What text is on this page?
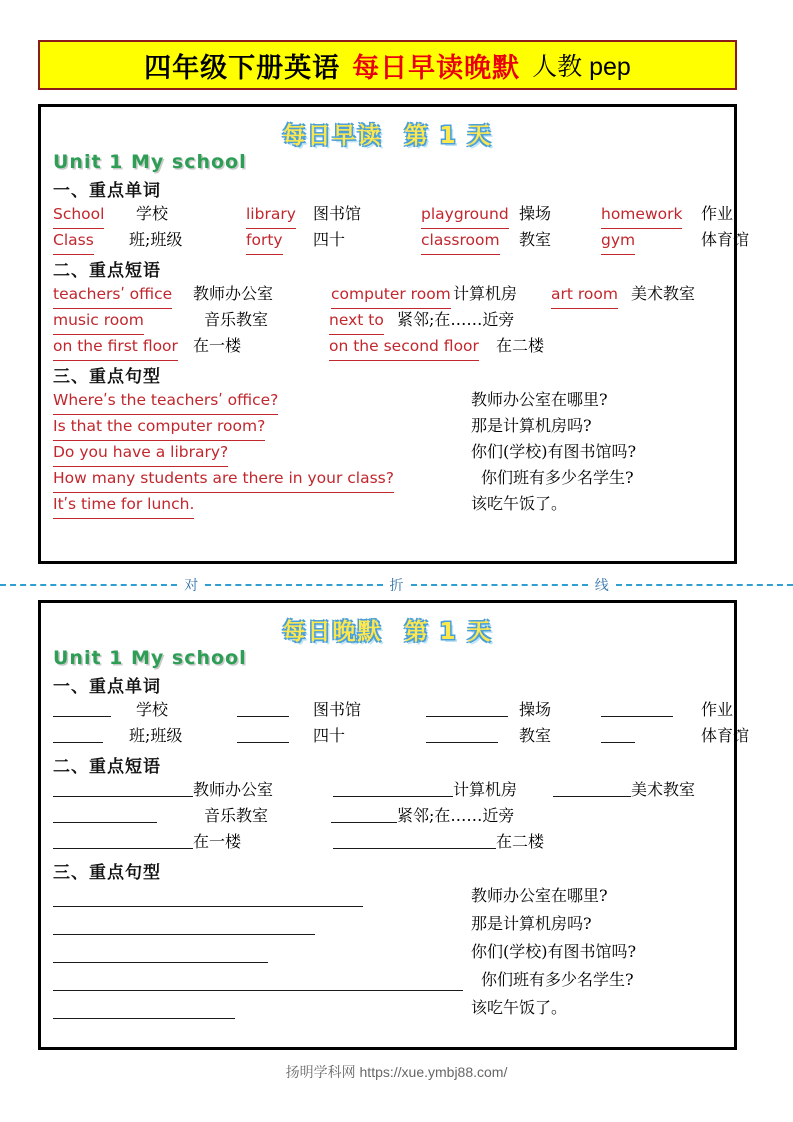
四年级下册英语 每日早读晚默 人教 pep
每日早读 第 1 天
Unit 1 My school
一、重点单词
School 学校	library 图书馆	playground 操场	homework 作业
Class 班;班级	forty 四十	classroom 教室	gym	体育馆
二、重点短语
teachersʹ office 教师办公室	computer room 计算机房 art room 美术教室
music room	音乐教室	next to 紧邻;在……近旁
on the first floor 在一楼	on the second floor 在二楼
三、重点句型
Whereʹs the teachersʹ office?	教师办公室在哪里?
Is that the computer room?	那是计算机房吗?
Do you have a library?	你们(学校)有图书馆吗?
How many students are there in your class?	你们班有多少名学生?
Itʹs time for lunch.	该吃午饭了。
对	折	线
每日晚默 第 1 天
Unit 1 My school
一、重点单词
学校	图书馆	操场	作业
班;班级	四十	教室	体育馆
二、重点短语
教师办公室	计算机房	美术教室
音乐教室	紧邻;在……近旁
在一楼	在二楼
三、重点句型
教师办公室在哪里?
那是计算机房吗?
你们(学校)有图书馆吗?
你们班有多少名学生?
该吃午饭了。
扬明学科网 https://xue.ymbj88.com/
